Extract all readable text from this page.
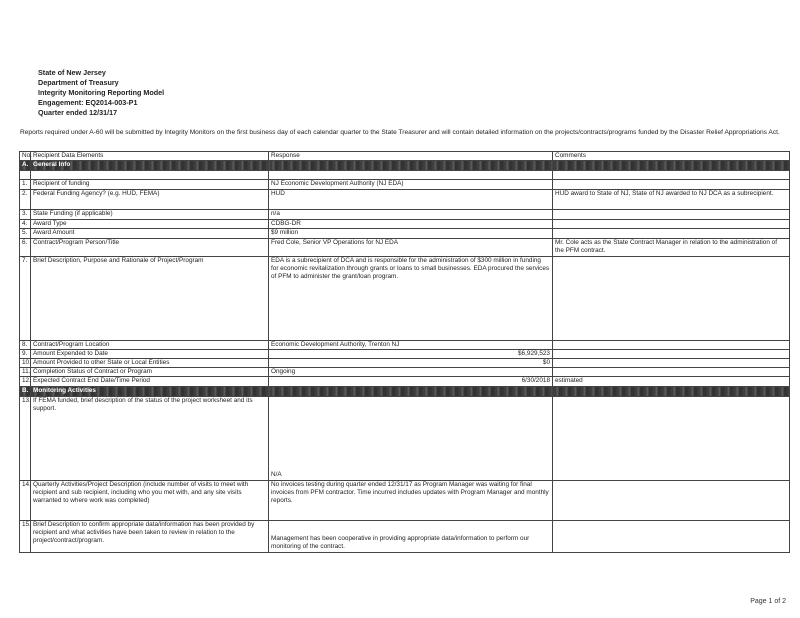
State of New Jersey
Department of Treasury
Integrity Monitoring Reporting Model
Engagement: EQ2014-003-P1
Quarter ended 12/31/17
Reports required under A-60 will be submitted by Integrity Monitors on the first business day of each calendar quarter to the State Treasurer and will contain detailed information on the projects/contracts/programs funded by the Disaster Relief Appropriations Act.
No.	Recipient Data Elements	Response	Comments
A.	General Info		

1.	Recipient of funding	NJ Economic Development Authority (NJ EDA)	
2.	Federal Funding Agency? (e.g. HUD, FEMA)	HUD	HUD award to State of NJ, State of NJ awarded to NJ DCA as a subrecipient.
3.	State Funding (if applicable)	n/a	
4.	Award Type	CDBG-DR	
5.	Award Amount	$9 million	
6.	Contract/Program Person/Title	Fred Cole, Senior VP Operations for NJ EDA	Mr. Cole acts as the State Contract Manager in relation to the administration of the PFM contract.
7.	Brief Description, Purpose and Rationale of Project/Program	EDA is a subrecipient of DCA and is responsible for the administration of $300 million in funding for economic revitalization through grants or loans to small businesses. EDA procured the services of PFM to administer the grant/loan program.	
8.	Contract/Program Location	Economic Development Authority, Trenton NJ	
9.	Amount Expended to Date	$6,929,523	
10.	Amount Provided to other State or Local Entities	$0	
11.	Completion Status of Contract or Program	Ongoing	
12.	Expected Contract End Date/Time Period	6/30/2018	estimated
B.	Monitoring Activities		
13.	If FEMA funded, brief description of the status of the project worksheet and its support.	N/A	
14.	Quarterly Activities/Project Description (include number of visits to meet with recipient and sub recipient, including who you met with, and any site visits warranted to where work was completed)	No invoices testing during quarter ended 12/31/17 as Program Manager was waiting for final invoices from PFM contractor. Time incurred includes updates with Program Manager and monthly reports.	
15.	Brief Description to confirm appropriate data/information has been provided by recipient and what activities have been taken to review in relation to the project/contract/program.	Management has been cooperative in providing appropriate data/information to perform our monitoring of the contract.	
Page 1 of 2
